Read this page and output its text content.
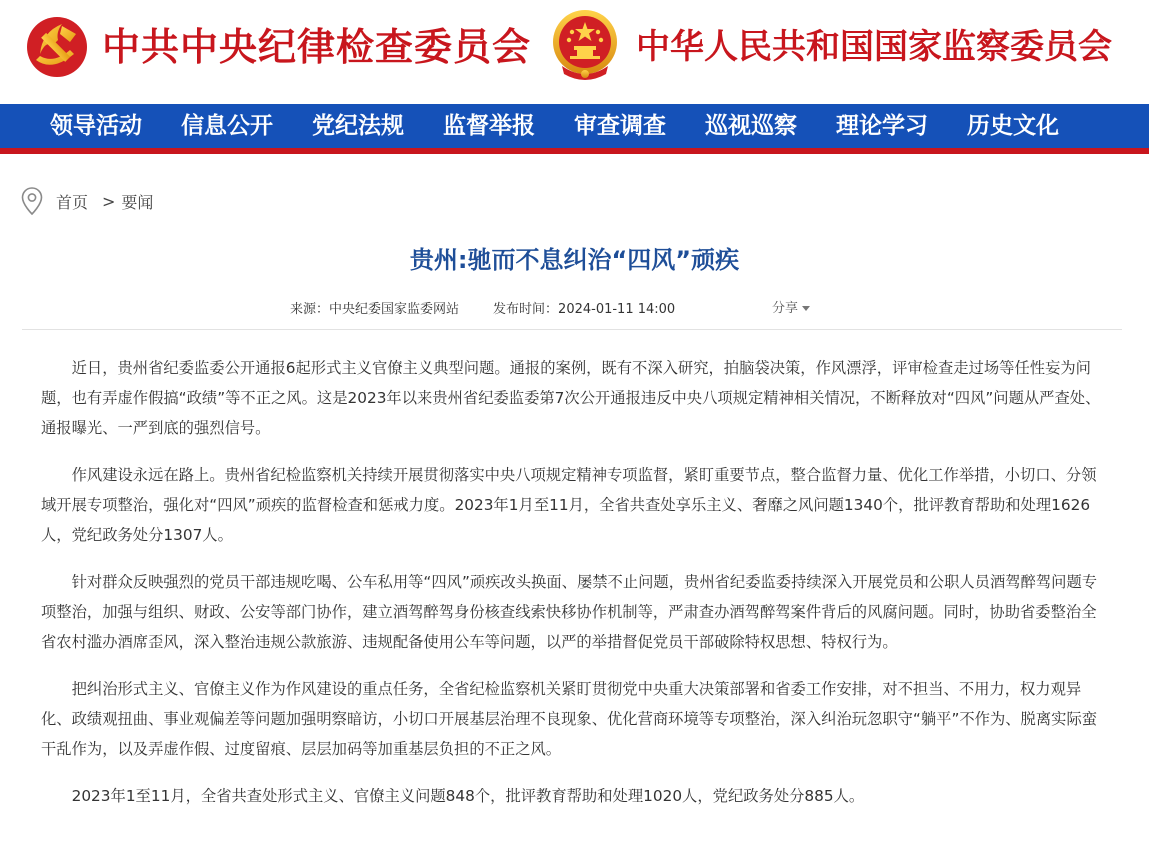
中共中央纪律检查委员会	中华人民共和国国家监察委员会
领导活动 信息公开 党纪法规 监督举报 审查调查 巡视巡察 理论学习 历史文化
首页 > 要闻
贵州:驰而不息纠治“四风”顽疾
来源： 中央纪委国家监委网站	发布时间： 2024-01-11 14:00	分享

近日，贵州省纪委监委公开通报6起形式主义官僚主义典型问题。通报的案例，既有不深入研究，拍脑袋决策，作风漂浮，评审检查走过场等任性妄为问题，也有弄虚作假搞“政绩”等不正之风。这是2023年以来贵州省纪委监委第7次公开通报违反中央八项规定精神相关情况，不断释放对“四风”问题从严查处、通报曝光、一严到底的强烈信号。

作风建设永远在路上。贵州省纪检监察机关持续开展贯彻落实中央八项规定精神专项监督，紧盯重要节点，整合监督力量、优化工作举措，小切口、分领域开展专项整治，强化对“四风”顽疾的监督检查和惩戒力度。2023年1月至11月，全省共查处享乐主义、奢靡之风问题1340个，批评教育帮助和处理1626人，党纪政务处分1307人。

针对群众反映强烈的党员干部违规吃喝、公车私用等“四风”顽疾改头换面、屡禁不止问题，贵州省纪委监委持续深入开展党员和公职人员酒驾醉驾问题专项整治，加强与组织、财政、公安等部门协作，建立酒驾醉驾身份核查线索快移协作机制等，严肃查办酒驾醉驾案件背后的风腐问题。同时，协助省委整治全省农村滥办酒席歪风，深入整治违规公款旅游、违规配备使用公车等问题，以严的举措督促党员干部破除特权思想、特权行为。

把纠治形式主义、官僚主义作为作风建设的重点任务，全省纪检监察机关紧盯贯彻党中央重大决策部署和省委工作安排，对不担当、不用力，权力观异化、政绩观扭曲、事业观偏差等问题加强明察暗访，小切口开展基层治理不良现象、优化营商环境等专项整治，深入纠治玩忽职守“躺平”不作为、脱离实际蛮干乱作为，以及弄虚作假、过度留痕、层层加码等加重基层负担的不正之风。

2023年1至11月，全省共查处形式主义、官僚主义问题848个，批评教育帮助和处理1020人，党纪政务处分885人。
